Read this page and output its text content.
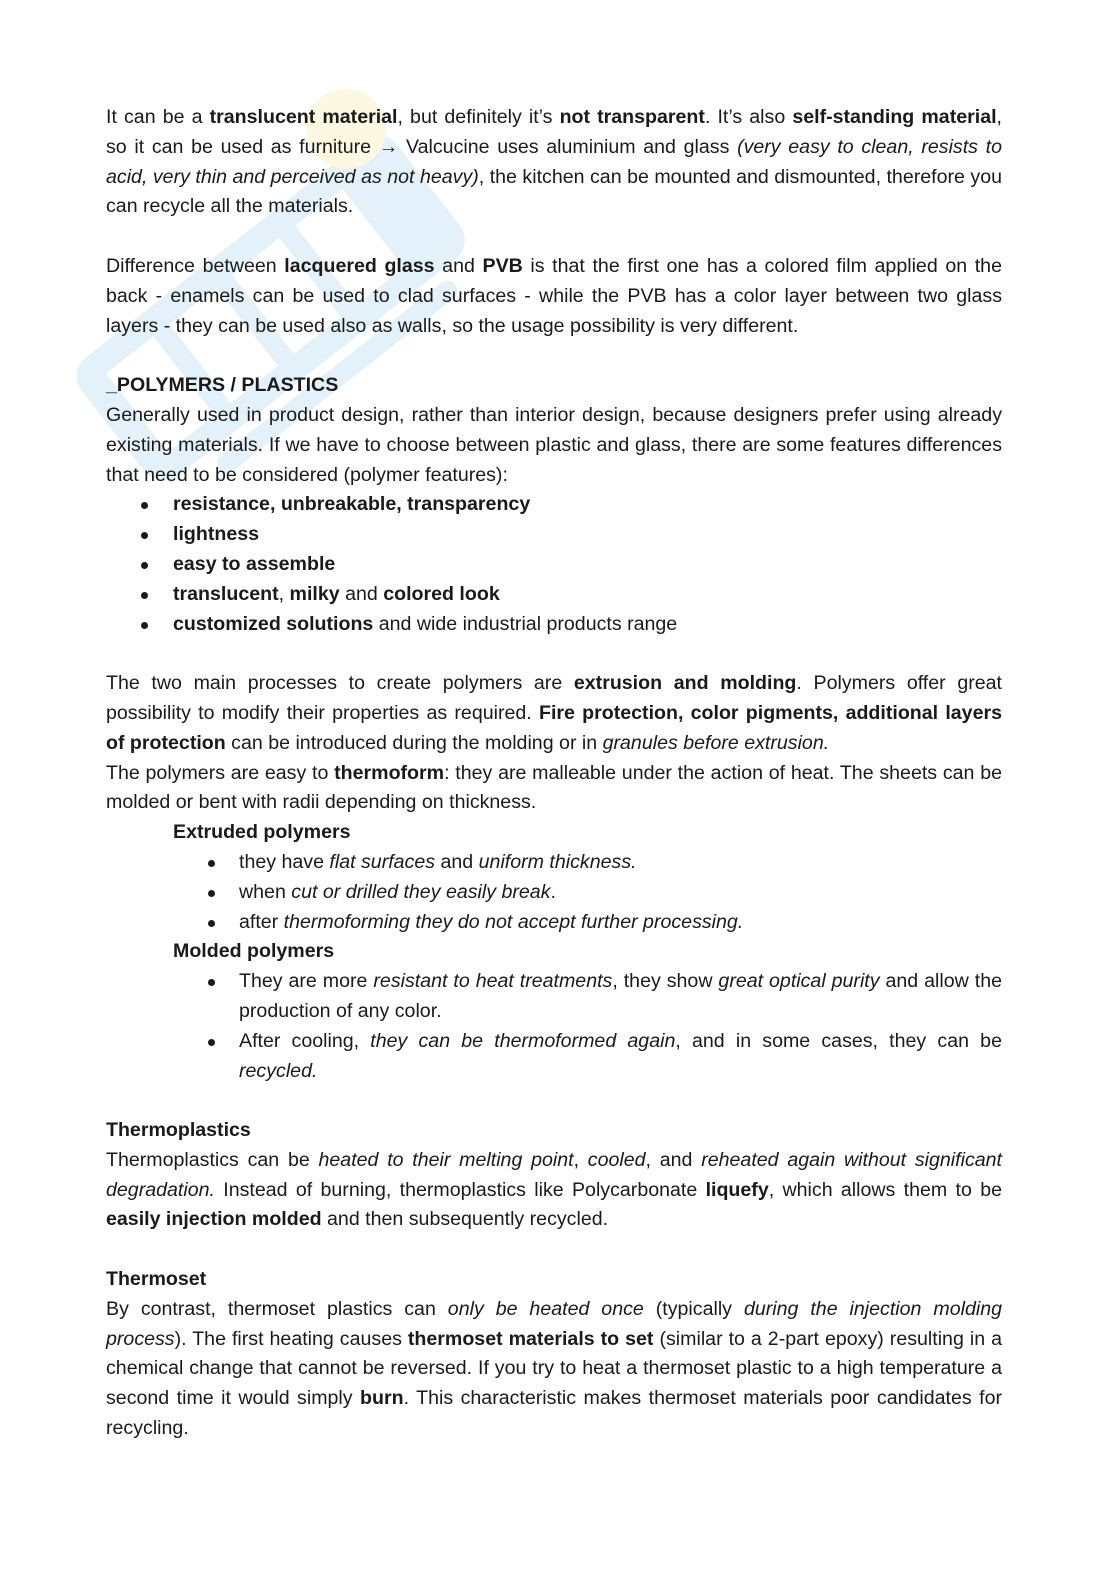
It can be a translucent material, but definitely it’s not transparent. It’s also self-standing material, so it can be used as furniture → Valcucine uses aluminium and glass (very easy to clean, resists to acid, very thin and perceived as not heavy), the kitchen can be mounted and dismounted, therefore you can recycle all the materials.

Difference between lacquered glass and PVB is that the first one has a colored film applied on the back - enamels can be used to clad surfaces - while the PVB has a color layer between two glass layers - they can be used also as walls, so the usage possibility is very different.

_POLYMERS / PLASTICS

Generally used in product design, rather than interior design, because designers prefer using already existing materials. If we have to choose between plastic and glass, there are some features differences that need to be considered (polymer features):

resistance, unbreakable, transparency
lightness
easy to assemble
translucent, milky and colored look
customized solutions and wide industrial products range

The two main processes to create polymers are extrusion and molding. Polymers offer great possibility to modify their properties as required. Fire protection, color pigments, additional layers of protection can be introduced during the molding or in granules before extrusion.

The polymers are easy to thermoform: they are malleable under the action of heat. The sheets can be molded or bent with radii depending on thickness.

Extruded polymers

they have flat surfaces and uniform thickness.
when cut or drilled they easily break.
after thermoforming they do not accept further processing.

Molded polymers

They are more resistant to heat treatments, they show great optical purity and allow the production of any color.
After cooling, they can be thermoformed again, and in some cases, they can be recycled.

Thermoplastics

Thermoplastics can be heated to their melting point, cooled, and reheated again without significant degradation. Instead of burning, thermoplastics like Polycarbonate liquefy, which allows them to be easily injection molded and then subsequently recycled.

Thermoset

By contrast, thermoset plastics can only be heated once (typically during the injection molding process). The first heating causes thermoset materials to set (similar to a 2-part epoxy) resulting in a chemical change that cannot be reversed. If you try to heat a thermoset plastic to a high temperature a second time it would simply burn. This characteristic makes thermoset materials poor candidates for recycling.
